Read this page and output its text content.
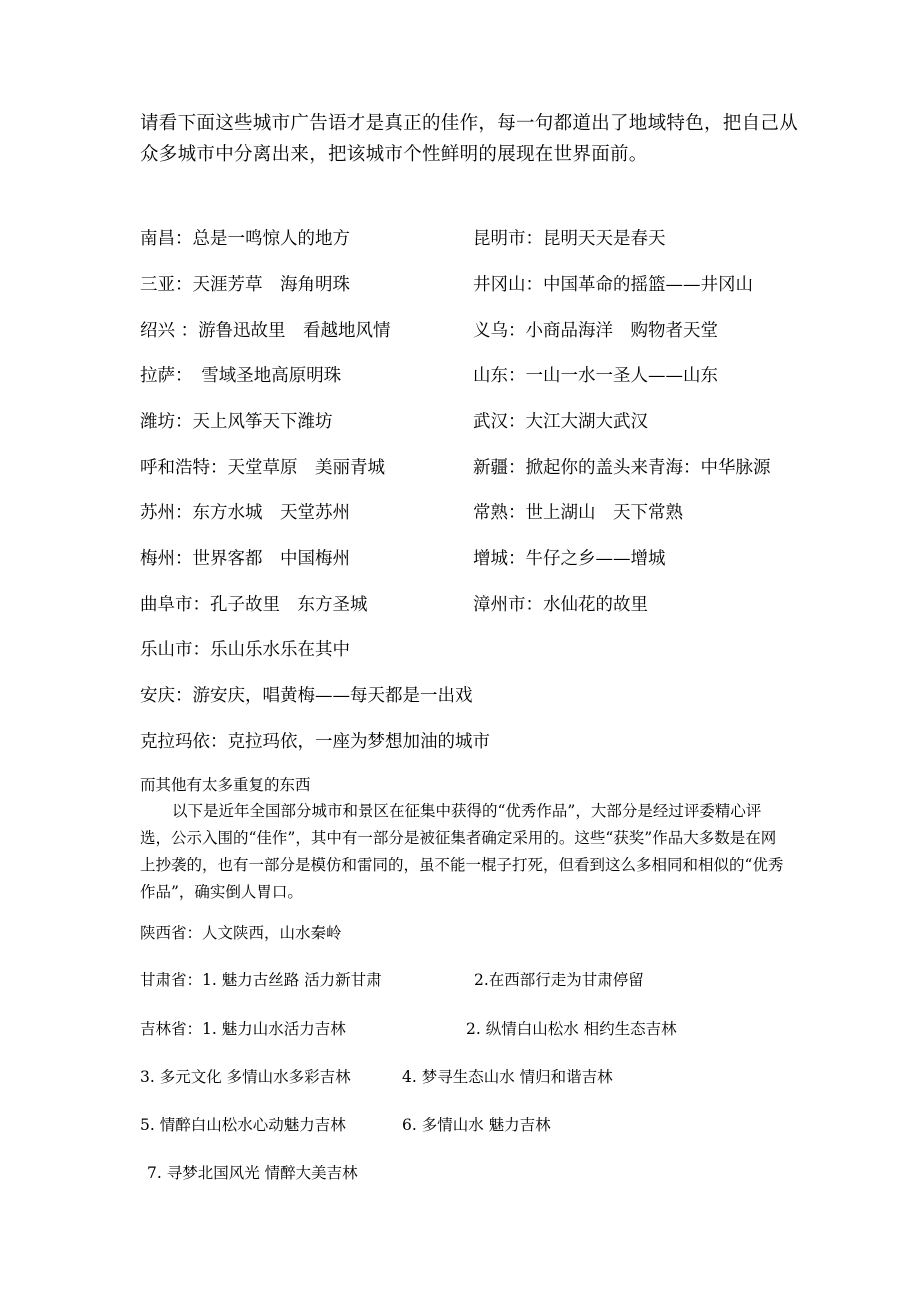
请看下面这些城市广告语才是真正的佳作，每一句都道出了地域特色，把自己从众多城市中分离出来，把该城市个性鲜明的展现在世界面前。
南昌：总是一鸣惊人的地方	昆明市：昆明天天是春天
三亚：天涯芳草　海角明珠	井冈山：中国革命的摇篮——井冈山
绍兴 ：游鲁迅故里　看越地风情	义乌：小商品海洋　购物者天堂
拉萨：　雪域圣地高原明珠	山东：一山一水一圣人——山东
潍坊：天上风筝天下潍坊	武汉：大江大湖大武汉
呼和浩特：天堂草原　美丽青城	新疆：掀起你的盖头来青海：中华脉源
苏州：东方水城　天堂苏州	常熟：世上湖山　天下常熟
梅州：世界客都　中国梅州	增城：牛仔之乡——增城
曲阜市：孔子故里　东方圣城	漳州市：水仙花的故里
乐山市：乐山乐水乐在其中
安庆：游安庆，唱黄梅——每天都是一出戏
克拉玛依：克拉玛依，一座为梦想加油的城市
而其他有太多重复的东西
以下是近年全国部分城市和景区在征集中获得的“优秀作品”，大部分是经过评委精心评选，公示入围的“佳作”，其中有一部分是被征集者确定采用的。这些“获奖”作品大多数是在网上抄袭的，也有一部分是模仿和雷同的，虽不能一棍子打死，但看到这么多相同和相似的“优秀作品”，确实倒人胃口。
陕西省：人文陕西，山水秦岭
甘肃省：1. 魅力古丝路 活力新甘肃	2.在西部行走为甘肃停留
吉林省：1. 魅力山水活力吉林	2. 纵情白山松水 相约生态吉林
3. 多元文化 多情山水多彩吉林	4. 梦寻生态山水 情归和谐吉林
5. 情醉白山松水心动魅力吉林	6. 多情山水 魅力吉林
7. 寻梦北国风光 情醉大美吉林
